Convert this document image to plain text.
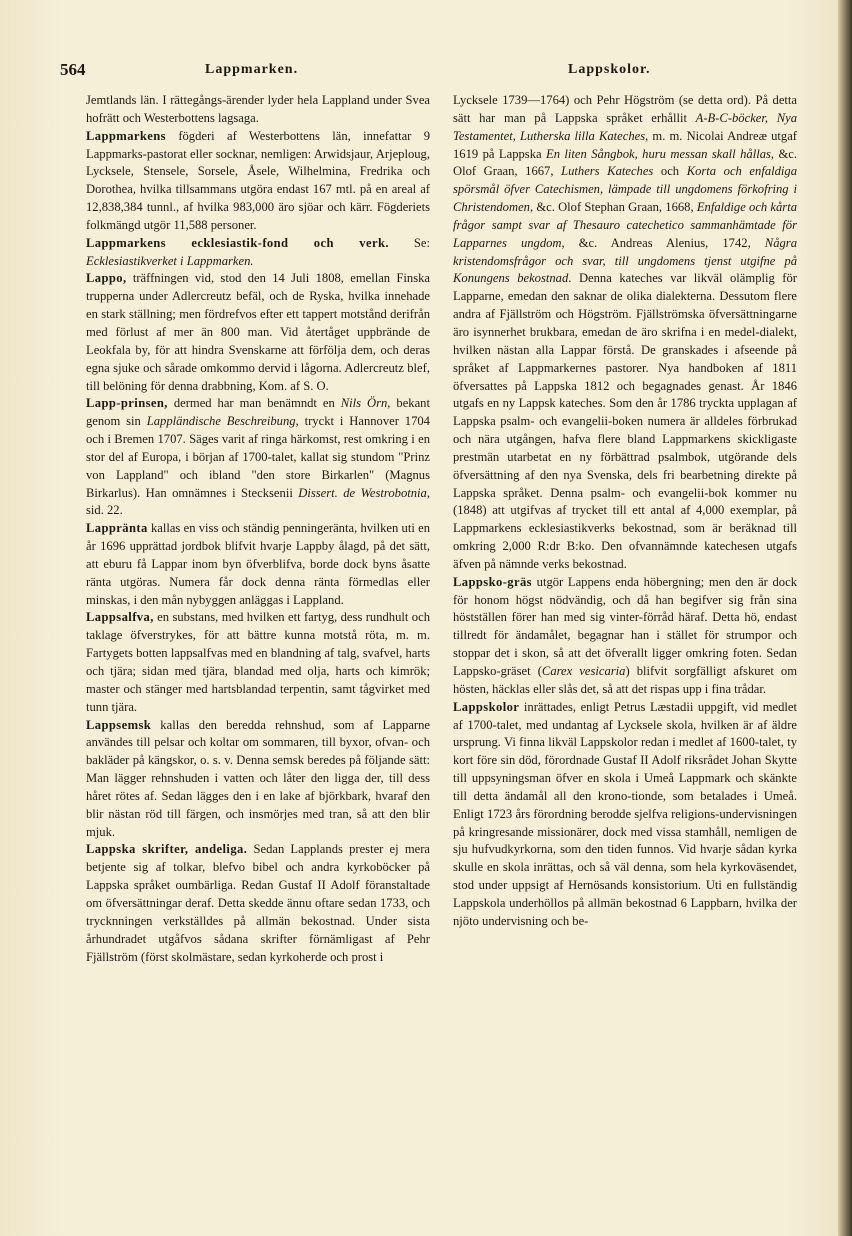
564	Lappmarken.	Lappskolor.

Jemtlands län. I rättegångs-ärender lyder hela Lappland under Svea hofrätt och Westerbottens lagsaga.

Lappmarkens fögderi af Westerbottens län, innefattar 9 Lappmarks-pastorat eller socknar, nemligen: Arwidsjaur, Arjeploug, Lycksele, Stensele, Sorsele, Åsele, Wilhelmina, Fredrika och Dorothea, hvilka tillsammans utgöra endast 167 mtl. på en areal af 12,838,384 tunnl., af hvilka 983,000 äro sjöar och kärr. Fögderiets folkmängd utgör 11,588 personer.

Lappmarkens ecklesiastik-fond och verk. Se: Ecklesiastikverket i Lappmarken.

Lappo, träffningen vid, stod den 14 Juli 1808, emellan Finska trupperna under Adlercreutz befäl, och de Ryska, hvilka innehade en stark ställning; men fördrefvos efter ett tappert motstånd derifrån med förlust af mer än 800 man. Vid återtåget uppbrände de Leokfala by, för att hindra Svenskarne att förfölja dem, och deras egna sjuke och sårade omkommo dervid i lågorna. Adlercreutz blef, till belöning för denna drabbning, Kom. af S. O.

Lapp-prinsen, dermed har man benämndt en Nils Örn, bekant genom sin Lappländische Beschreibung, tryckt i Hannover 1704 och i Bremen 1707. Säges varit af ringa härkomst, rest omkring i en stor del af Europa, i början af 1700-talet, kallat sig stundom "Prinz von Lappland" och ibland "den store Birkarlen" (Magnus Birkarlus). Han omnämnes i Stecksenii Dissert. de Westrobotnia, sid. 22.

Lappränta kallas en viss och ständig penningeränta, hvilken uti en år 1696 upprättad jordbok blifvit hvarje Lappby ålagd, på det sätt, att eburu få Lappar inom byn öfverblifva, borde dock byns åsatte ränta utgöras. Numera får dock denna ränta förmedlas eller minskas, i den mån nybyggen anläggas i Lappland.

Lappsalfva, en substans, med hvilken ett fartyg, dess rundhult och taklage öfverstrykes, för att bättre kunna motstå röta, m. m. Fartygets botten lappsalfvas med en blandning af talg, svafvel, harts och tjära; sidan med tjära, blandad med olja, harts och kimrök; master och stänger med hartsblandad terpentin, samt tågvirket med tunn tjära.

Lappsemsk kallas den beredda rehnshud, som af Lapparne användes till pelsar och koltar om sommaren, till byxor, ofvan- och bakläder på kängskor, o. s. v. Denna semsk beredes på följande sätt: Man lägger rehnshuden i vatten och låter den ligga der, till dess håret rötes af. Sedan lägges den i en lake af björkbark, hvaraf den blir nästan röd till färgen, och insmörjes med tran, så att den blir mjuk.

Lappska skrifter, andeliga. Sedan Lapplands prester ej mera betjente sig af tolkar, blefvo bibel och andra kyrkoböcker på Lappska språket oumbärliga. Redan Gustaf II Adolf föranstaltade om öfversättningar deraf. Detta skedde ännu oftare sedan 1733, och trycknningen verkställdes på allmän bekostnad. Under sista århundradet utgåfvos sådana skrifter förnämligast af Pehr Fjällström (först skolmästare, sedan kyrkoherde och prost i

Lycksele 1739—1764) och Pehr Högström (se detta ord). På detta sätt har man på Lappska språket erhållit A-B-C-böcker, Nya Testamentet, Lutherska lilla Kateches, m. m. Nicolai Andreæ utgaf 1619 på Lappska En liten Sångbok, huru messan skall hållas, &c. Olof Graan, 1667, Luthers Kateches och Korta och enfaldiga spörsmål öfver Catechismen, lämpade till ungdomens förkofring i Christendomen, &c. Olof Stephan Graan, 1668, Enfaldige och kårta frågor sampt svar af Thesauro catechetico sammanhämtade för Lapparnes ungdom, &c. Andreas Alenius, 1742, Några kristendomsfrågor och svar, till ungdomens tjenst utgifne på Konungens bekostnad. Denna kateches var likväl olämplig för Lapparne, emedan den saknar de olika dialekterna. Dessutom flere andra af Fjällström och Högström. Fjällströmska öfversättningarne äro isynnerhet brukbara, emedan de äro skrifna i en medel-dialekt, hvilken nästan alla Lappar förstå. De granskades i afseende på språket af Lappmarkernes pastorer. Nya handboken af 1811 öfversattes på Lappska 1812 och begagnades genast. År 1846 utgafs en ny Lappsk kateches. Som den år 1786 tryckta upplagan af Lappska psalm- och evangelii-boken numera är alldeles förbrukad och nära utgången, hafva flere bland Lappmarkens skickligaste prestmän utarbetat en ny förbättrad psalmbok, utgörande dels öfversättning af den nya Svenska, dels fri bearbetning direkte på Lappska språket. Denna psalm- och evangelii-bok kommer nu (1848) att utgifvas af trycket till ett antal af 4,000 exemplar, på Lappmarkens ecklesiastikverks bekostnad, som är beräknad till omkring 2,000 R:dr B:ko. Den ofvannämnde katechesen utgafs äfven på nämnde verks bekostnad.

Lappsko-gräs utgör Lappens enda höbergning; men den är dock för honom högst nödvändig, och då han begifver sig från sina höstställen förer han med sig vinter-förråd häraf. Detta hö, endast tillredt för ändamålet, begagnar han i stället för strumpor och stoppar det i skon, så att det öfverallt ligger omkring foten. Sedan Lappsko-gräset (Carex vesicaria) blifvit sorgfälligt afskuret om hösten, häcklas eller slås det, så att det rispas upp i fina trådar.

Lappskolor inrättades, enligt Petrus Læstadii uppgift, vid medlet af 1700-talet, med undantag af Lycksele skola, hvilken är af äldre ursprung. Vi finna likväl Lappskolor redan i medlet af 1600-talet, ty kort före sin död, förordnade Gustaf II Adolf riksrådet Johan Skytte till uppsyningsman öfver en skola i Umeå Lappmark och skänkte till detta ändamål all den krono-tionde, som betalades i Umeå. Enligt 1723 års förordning berodde sjelfva religions-undervisningen på kringresande missionärer, dock med vissa stamhåll, nemligen de sju hufvudkyrkorna, som den tiden funnos. Vid hvarje sådan kyrka skulle en skola inrättas, och så väl denna, som hela kyrkoväsendet, stod under uppsigt af Hernösands konsistorium. Uti en fullständig Lappskola underhöllos på allmän bekostnad 6 Lappbarn, hvilka der njöto undervisning och be-
